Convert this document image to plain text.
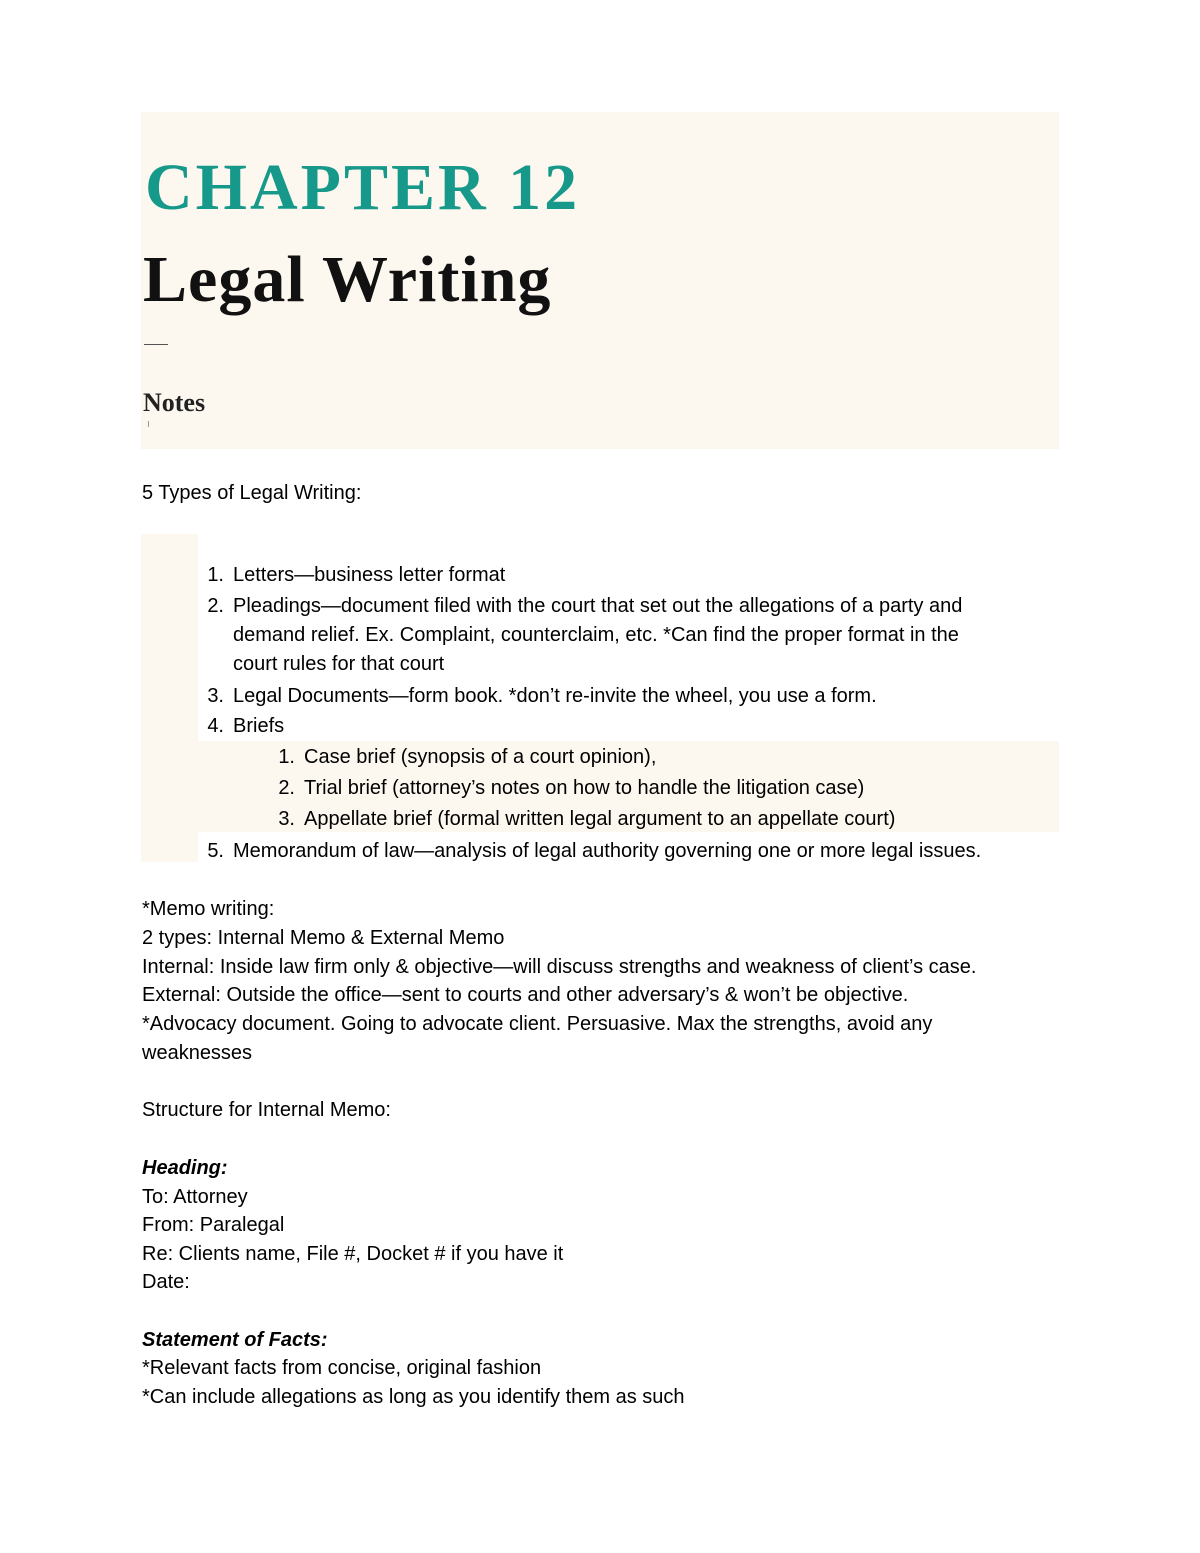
CHAPTER 12
Legal Writing
Notes
5 Types of Legal Writing:
1. Letters—business letter format
2. Pleadings—document filed with the court that set out the allegations of a party and
demand relief. Ex. Complaint, counterclaim, etc. *Can find the proper format in the
court rules for that court
3. Legal Documents—form book. *don’t re-invite the wheel, you use a form.
4. Briefs
1. Case brief (synopsis of a court opinion),
2. Trial brief (attorney’s notes on how to handle the litigation case)
3. Appellate brief (formal written legal argument to an appellate court)
5. Memorandum of law—analysis of legal authority governing one or more legal issues.
*Memo writing:
2 types: Internal Memo & External Memo
Internal: Inside law firm only & objective—will discuss strengths and weakness of client’s case.
External: Outside the office—sent to courts and other adversary’s & won’t be objective.
*Advocacy document. Going to advocate client. Persuasive. Max the strengths, avoid any
weaknesses
Structure for Internal Memo:
Heading:
To: Attorney
From: Paralegal
Re: Clients name, File #, Docket # if you have it
Date:
Statement of Facts:
*Relevant facts from concise, original fashion
*Can include allegations as long as you identify them as such
